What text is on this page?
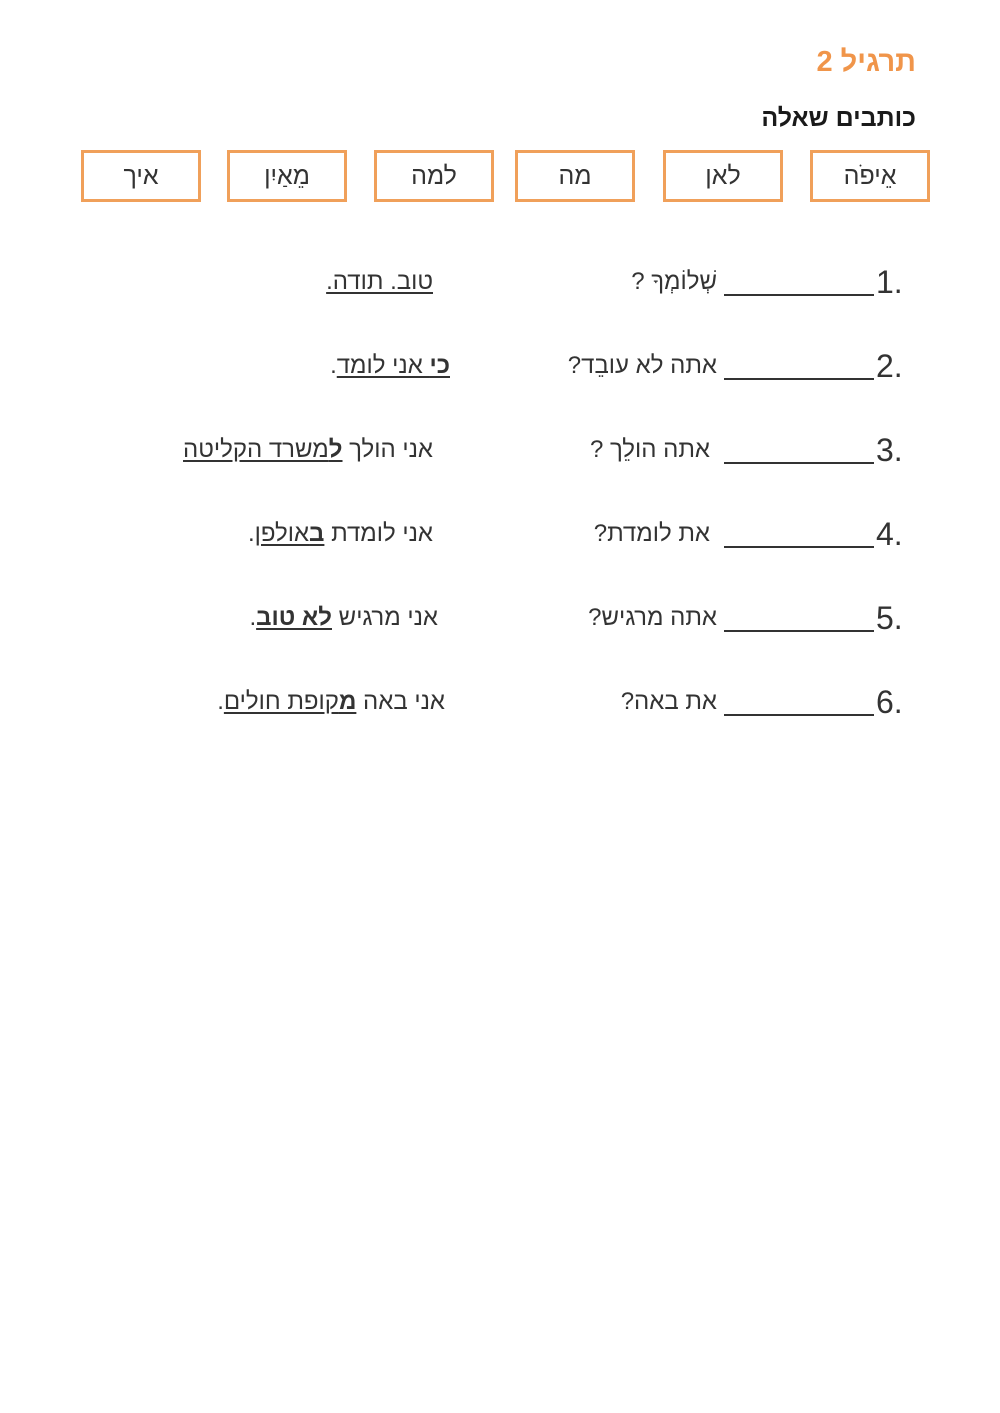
תרגיל 2
כותבים שאלה
אֵיפֹה
לאן
מה
למה
מֵאַיִן
איך
1.
שְׁלוֹמְךָ ?
טוב. תודה.
2.
אתה לא עובֵד?
כי אני לומד.
3.
אתה הולֵך ?
אני הולך למשרד הקליטה
4.
את לומדת?
אני לומדת באולפן.
5.
אתה מרגיש?
אני מרגיש לא טוב.
6.
את באה?
אני באה מקופת חולים.
